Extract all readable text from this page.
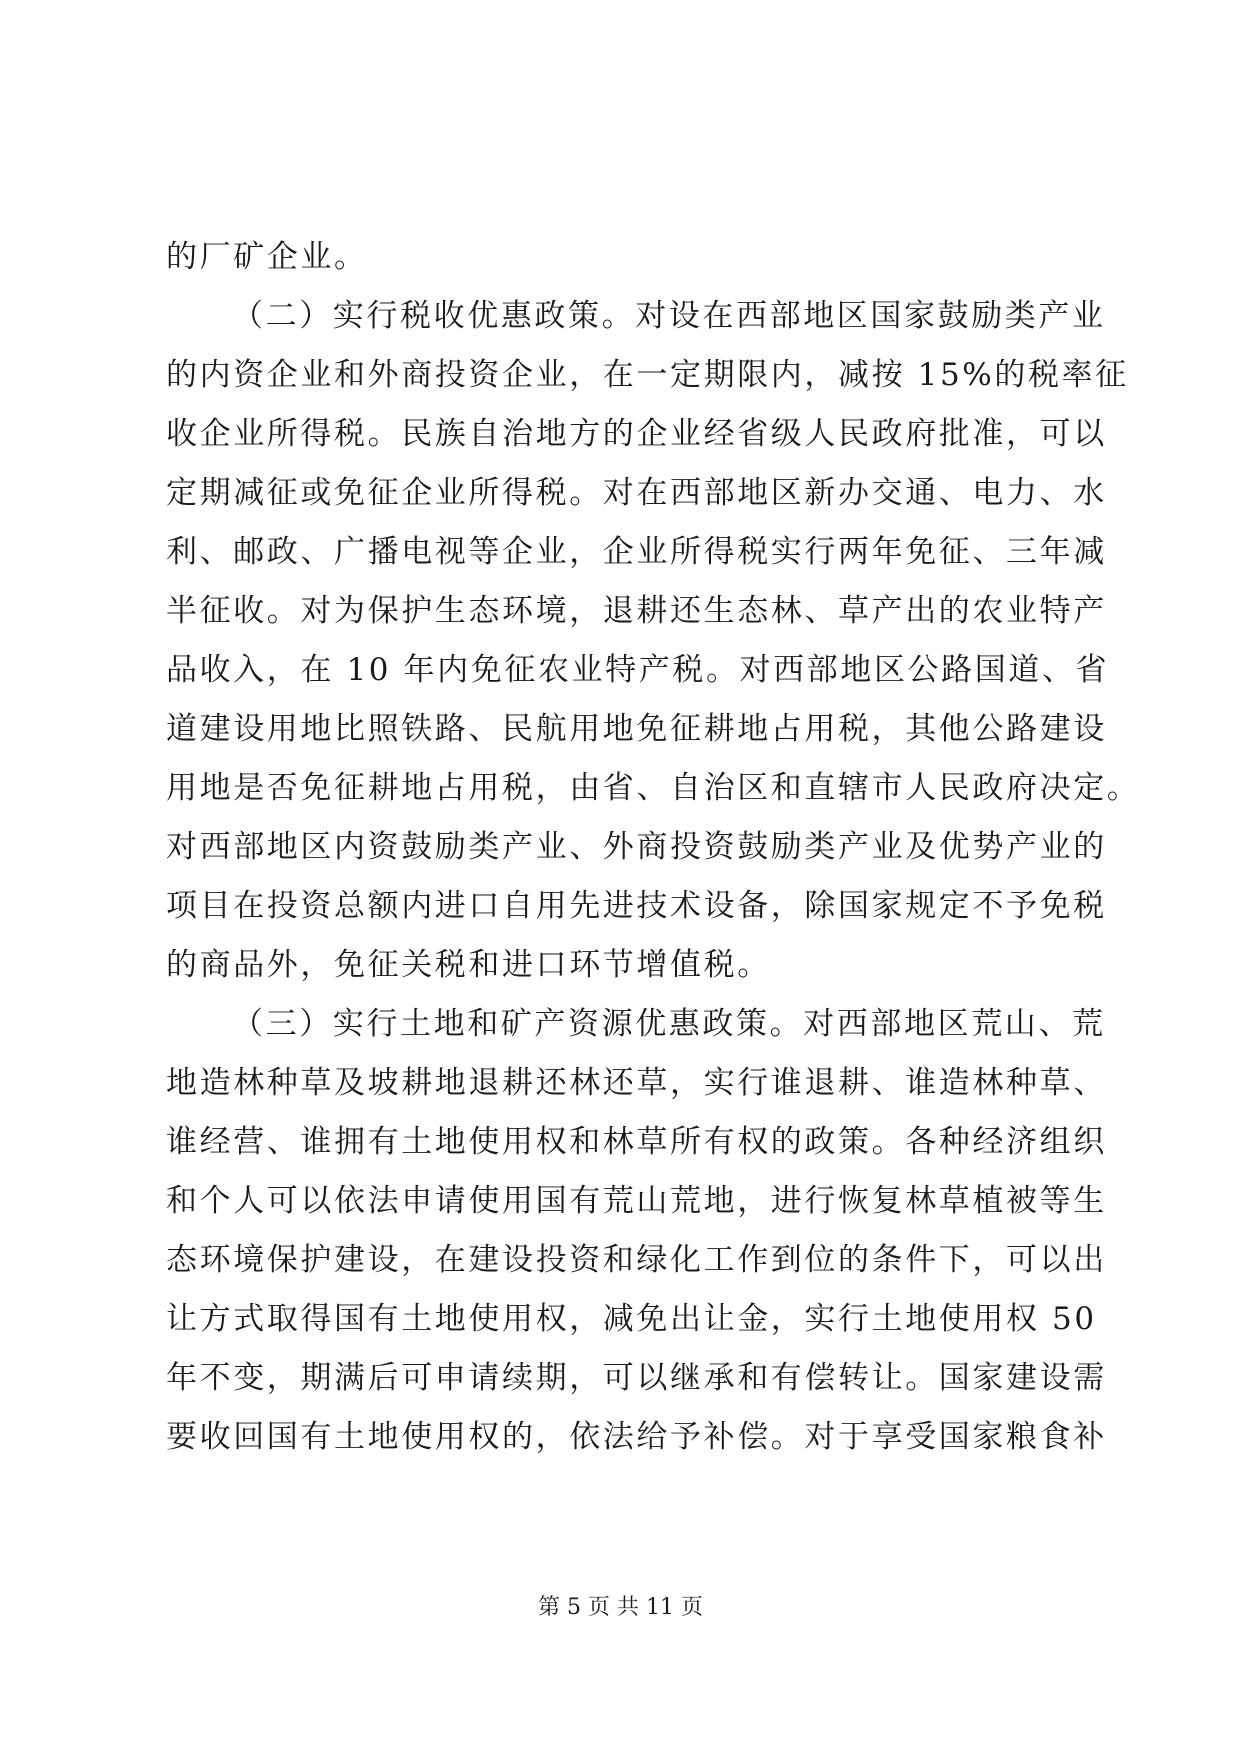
的厂矿企业。
（二）实行税收优惠政策。对设在西部地区国家鼓励类产业
的内资企业和外商投资企业，在一定期限内，减按 15%的税率征
收企业所得税。民族自治地方的企业经省级人民政府批准，可以
定期减征或免征企业所得税。对在西部地区新办交通、电力、水
利、邮政、广播电视等企业，企业所得税实行两年免征、三年减
半征收。对为保护生态环境，退耕还生态林、草产出的农业特产
品收入，在 10 年内免征农业特产税。对西部地区公路国道、省
道建设用地比照铁路、民航用地免征耕地占用税，其他公路建设
用地是否免征耕地占用税，由省、自治区和直辖市人民政府决定。
对西部地区内资鼓励类产业、外商投资鼓励类产业及优势产业的
项目在投资总额内进口自用先进技术设备，除国家规定不予免税
的商品外，免征关税和进口环节增值税。
（三）实行土地和矿产资源优惠政策。对西部地区荒山、荒
地造林种草及坡耕地退耕还林还草，实行谁退耕、谁造林种草、
谁经营、谁拥有土地使用权和林草所有权的政策。各种经济组织
和个人可以依法申请使用国有荒山荒地，进行恢复林草植被等生
态环境保护建设，在建设投资和绿化工作到位的条件下，可以出
让方式取得国有土地使用权，减免出让金，实行土地使用权 50
年不变，期满后可申请续期，可以继承和有偿转让。国家建设需
要收回国有土地使用权的，依法给予补偿。对于享受国家粮食补
第 5 页 共 11 页
